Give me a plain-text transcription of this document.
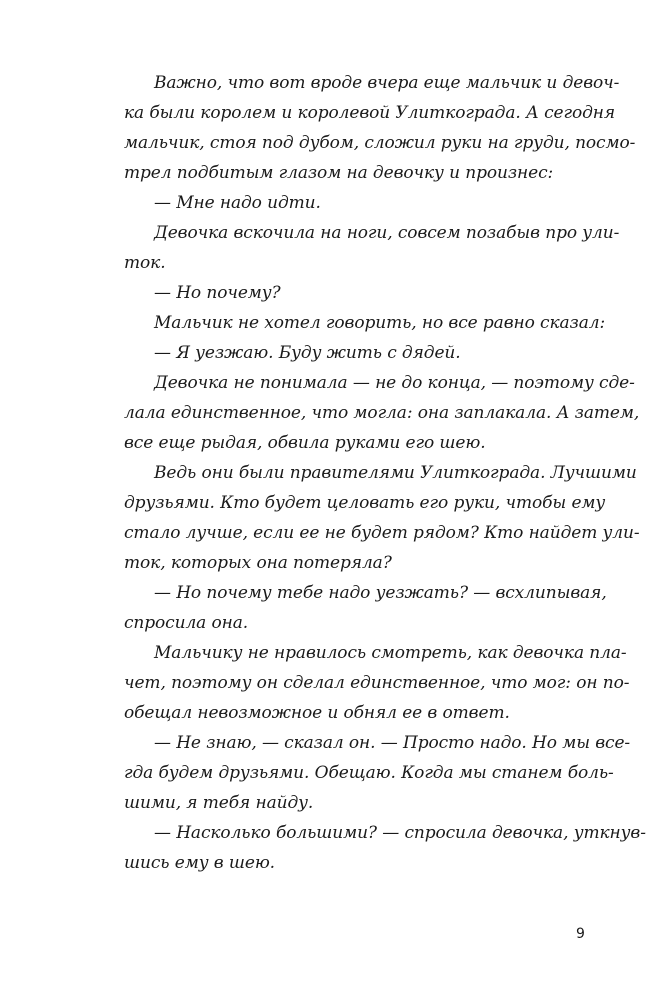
Важно, что вот вроде вчера еще мальчик и девоч-
ка были королем и королевой Улиткограда. А сегодня
мальчик, стоя под дубом, сложил руки на груди, посмо-
трел подбитым глазом на девочку и произнес:

— Мне надо идти.

Девочка вскочила на ноги, совсем позабыв про ули-
ток.

— Но почему?

Мальчик не хотел говорить, но все равно сказал:

— Я уезжаю. Буду жить с дядей.

Девочка не понимала — не до конца, — поэтому сде-
лала единственное, что могла: она заплакала. А затем,
все еще рыдая, обвила руками его шею.

Ведь они были правителями Улиткограда. Лучшими
друзьями. Кто будет целовать его руки, чтобы ему
стало лучше, если ее не будет рядом? Кто найдет ули-
ток, которых она потеряла?

— Но почему тебе надо уезжать? — всхлипывая,
спросила она.

Мальчику не нравилось смотреть, как девочка пла-
чет, поэтому он сделал единственное, что мог: он по-
обещал невозможное и обнял ее в ответ.

— Не знаю, — сказал он. — Просто надо. Но мы все-
гда будем друзьями. Обещаю. Когда мы станем боль-
шими, я тебя найду.

— Насколько большими? — спросила девочка, уткнув-
шись ему в шею.

9
